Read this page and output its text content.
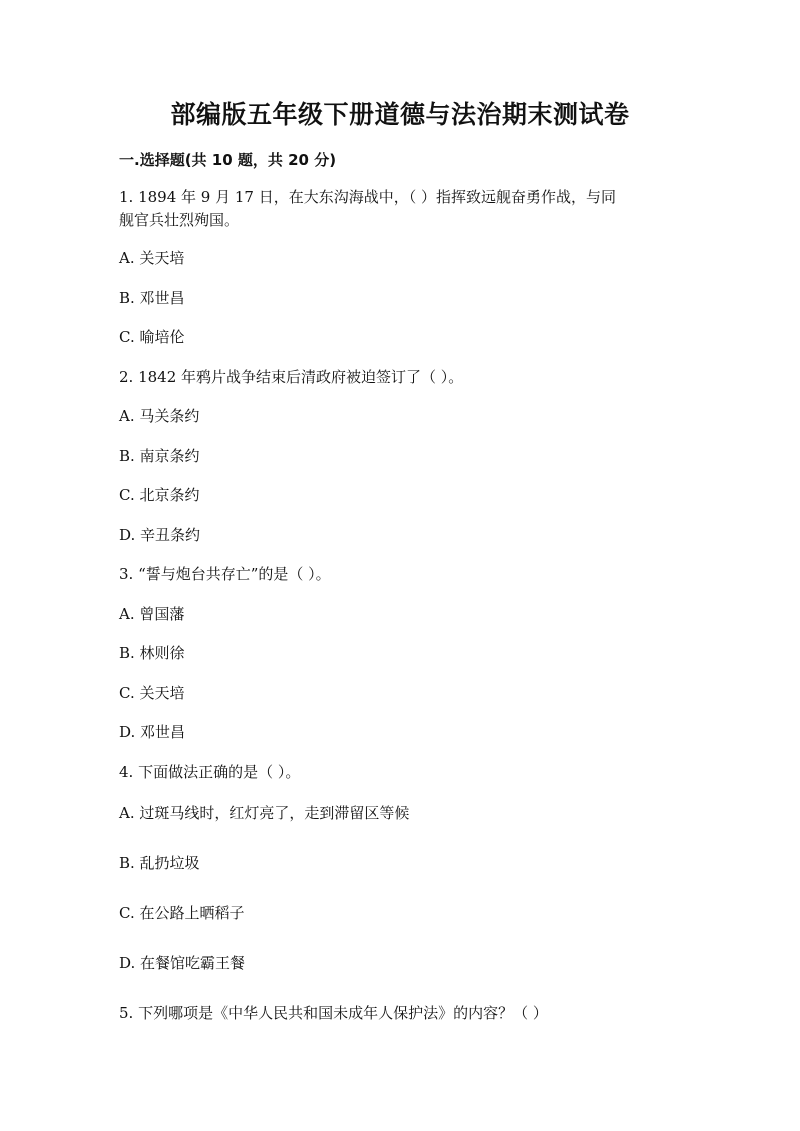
部编版五年级下册道德与法治期末测试卷
一.选择题(共 10 题，共 20 分)
1. 1894 年 9 月 17 日，在大东沟海战中，（ ）指挥致远舰奋勇作战，与同
舰官兵壮烈殉国。
A. 关天培
B. 邓世昌
C. 喻培伦
2. 1842 年鸦片战争结束后清政府被迫签订了（ ）。
A. 马关条约
B. 南京条约
C. 北京条约
D. 辛丑条约
3. “誓与炮台共存亡”的是（ ）。
A. 曾国藩
B. 林则徐
C. 关天培
D. 邓世昌
4. 下面做法正确的是（ ）。
A. 过斑马线时，红灯亮了，走到滞留区等候
B. 乱扔垃圾
C. 在公路上晒稻子
D. 在餐馆吃霸王餐
5. 下列哪项是《中华人民共和国未成年人保护法》的内容？（ ）
